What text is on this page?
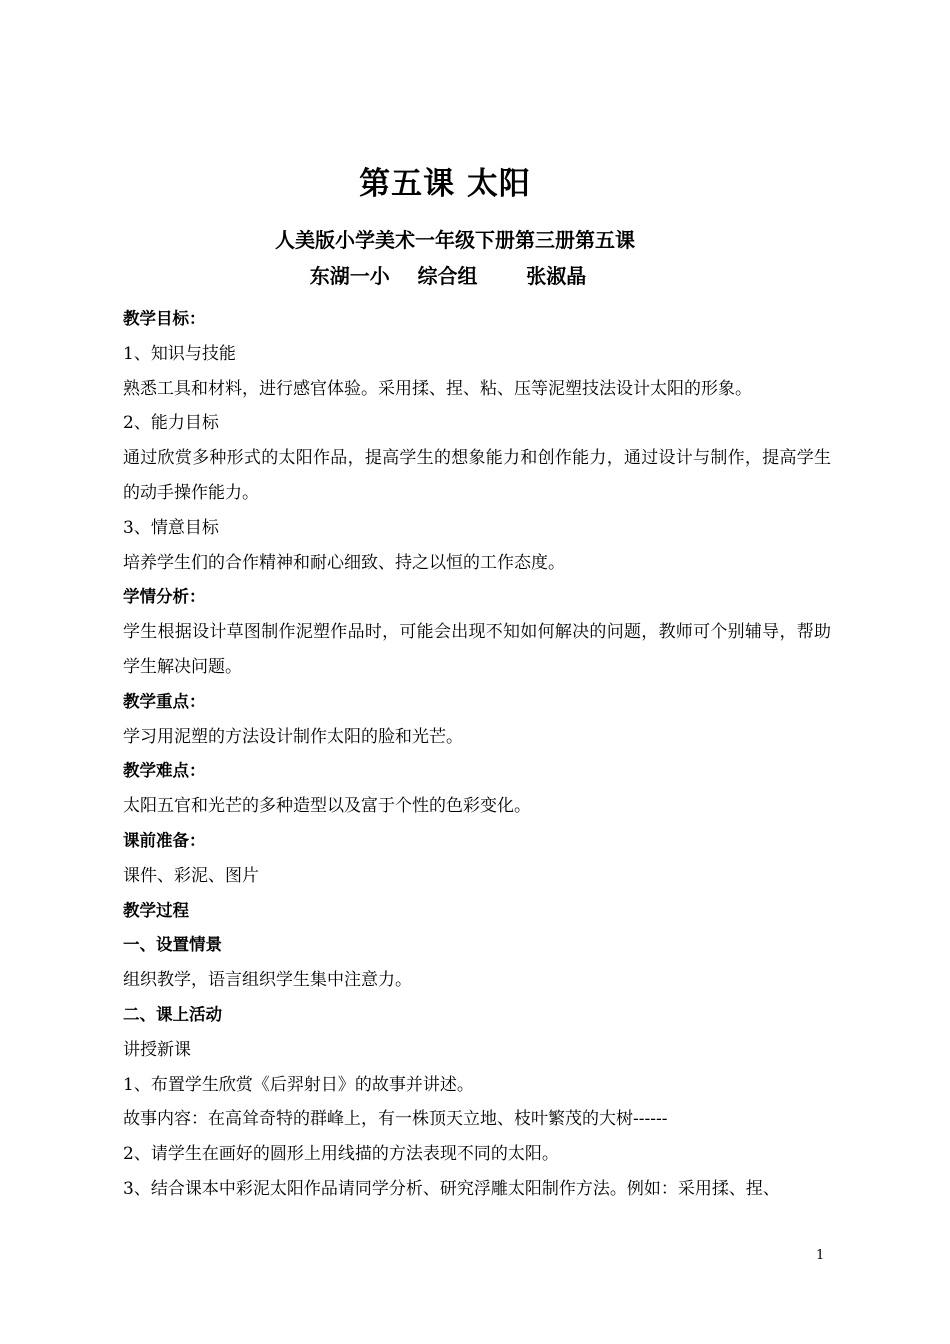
第五课 太阳
人美版小学美术一年级下册第三册第五课
东湖一小    综合组       张淑晶

教学目标：

1、知识与技能

熟悉工具和材料，进行感官体验。采用揉、捏、粘、压等泥塑技法设计太阳的形象。

2、能力目标

通过欣赏多种形式的太阳作品，提高学生的想象能力和创作能力，通过设计与制作，提高学生的动手操作能力。

3、情意目标

培养学生们的合作精神和耐心细致、持之以恒的工作态度。

学情分析：

学生根据设计草图制作泥塑作品时，可能会出现不知如何解决的问题，教师可个别辅导，帮助学生解决问题。

教学重点：

学习用泥塑的方法设计制作太阳的脸和光芒。

教学难点：

太阳五官和光芒的多种造型以及富于个性的色彩变化。

课前准备：

课件、彩泥、图片

教学过程

一、设置情景

组织教学，语言组织学生集中注意力。

二、课上活动

讲授新课

1、布置学生欣赏《后羿射日》的故事并讲述。

故事内容：在高耸奇特的群峰上，有一株顶天立地、枝叶繁茂的大树------

2、请学生在画好的圆形上用线描的方法表现不同的太阳。

3、结合课本中彩泥太阳作品请同学分析、研究浮雕太阳制作方法。例如：采用揉、捏、

1
